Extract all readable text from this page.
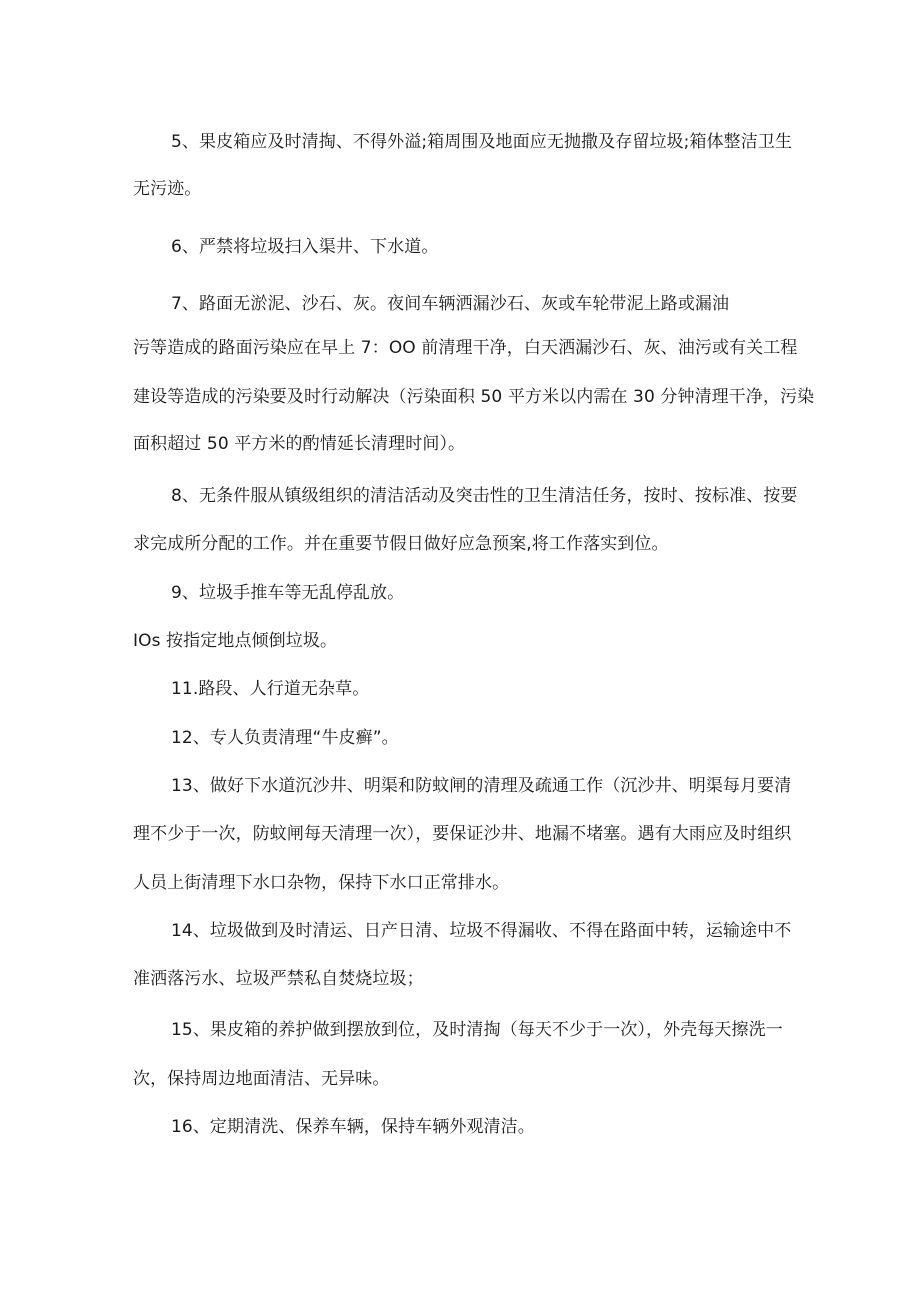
5、果皮箱应及时清掏、不得外溢;箱周围及地面应无抛撒及存留垃圾;箱体整洁卫生
无污迹。
6、严禁将垃圾扫入渠井、下水道。
7、路面无淤泥、沙石、灰。夜间车辆洒漏沙石、灰或车轮带泥上路或漏油
污等造成的路面污染应在早上 7：OO 前清理干净，白天洒漏沙石、灰、油污或有关工程
建设等造成的污染要及时行动解决（污染面积 50 平方米以内需在 30 分钟清理干净，污染
面积超过 50 平方米的酌情延长清理时间）。
8、无条件服从镇级组织的清洁活动及突击性的卫生清洁任务，按时、按标准、按要
求完成所分配的工作。并在重要节假日做好应急预案,将工作落实到位。
9、垃圾手推车等无乱停乱放。
IOs 按指定地点倾倒垃圾。
11.路段、人行道无杂草。
12、专人负责清理“牛皮癣”。
13、做好下水道沉沙井、明渠和防蚊闸的清理及疏通工作（沉沙井、明渠每月要清
理不少于一次，防蚊闸每天清理一次），要保证沙井、地漏不堵塞。遇有大雨应及时组织
人员上街清理下水口杂物，保持下水口正常排水。
14、垃圾做到及时清运、日产日清、垃圾不得漏收、不得在路面中转，运输途中不
准洒落污水、垃圾严禁私自焚烧垃圾；
15、果皮箱的养护做到摆放到位，及时清掏（每天不少于一次），外壳每天擦洗一
次，保持周边地面清洁、无异味。
16、定期清洗、保养车辆，保持车辆外观清洁。
